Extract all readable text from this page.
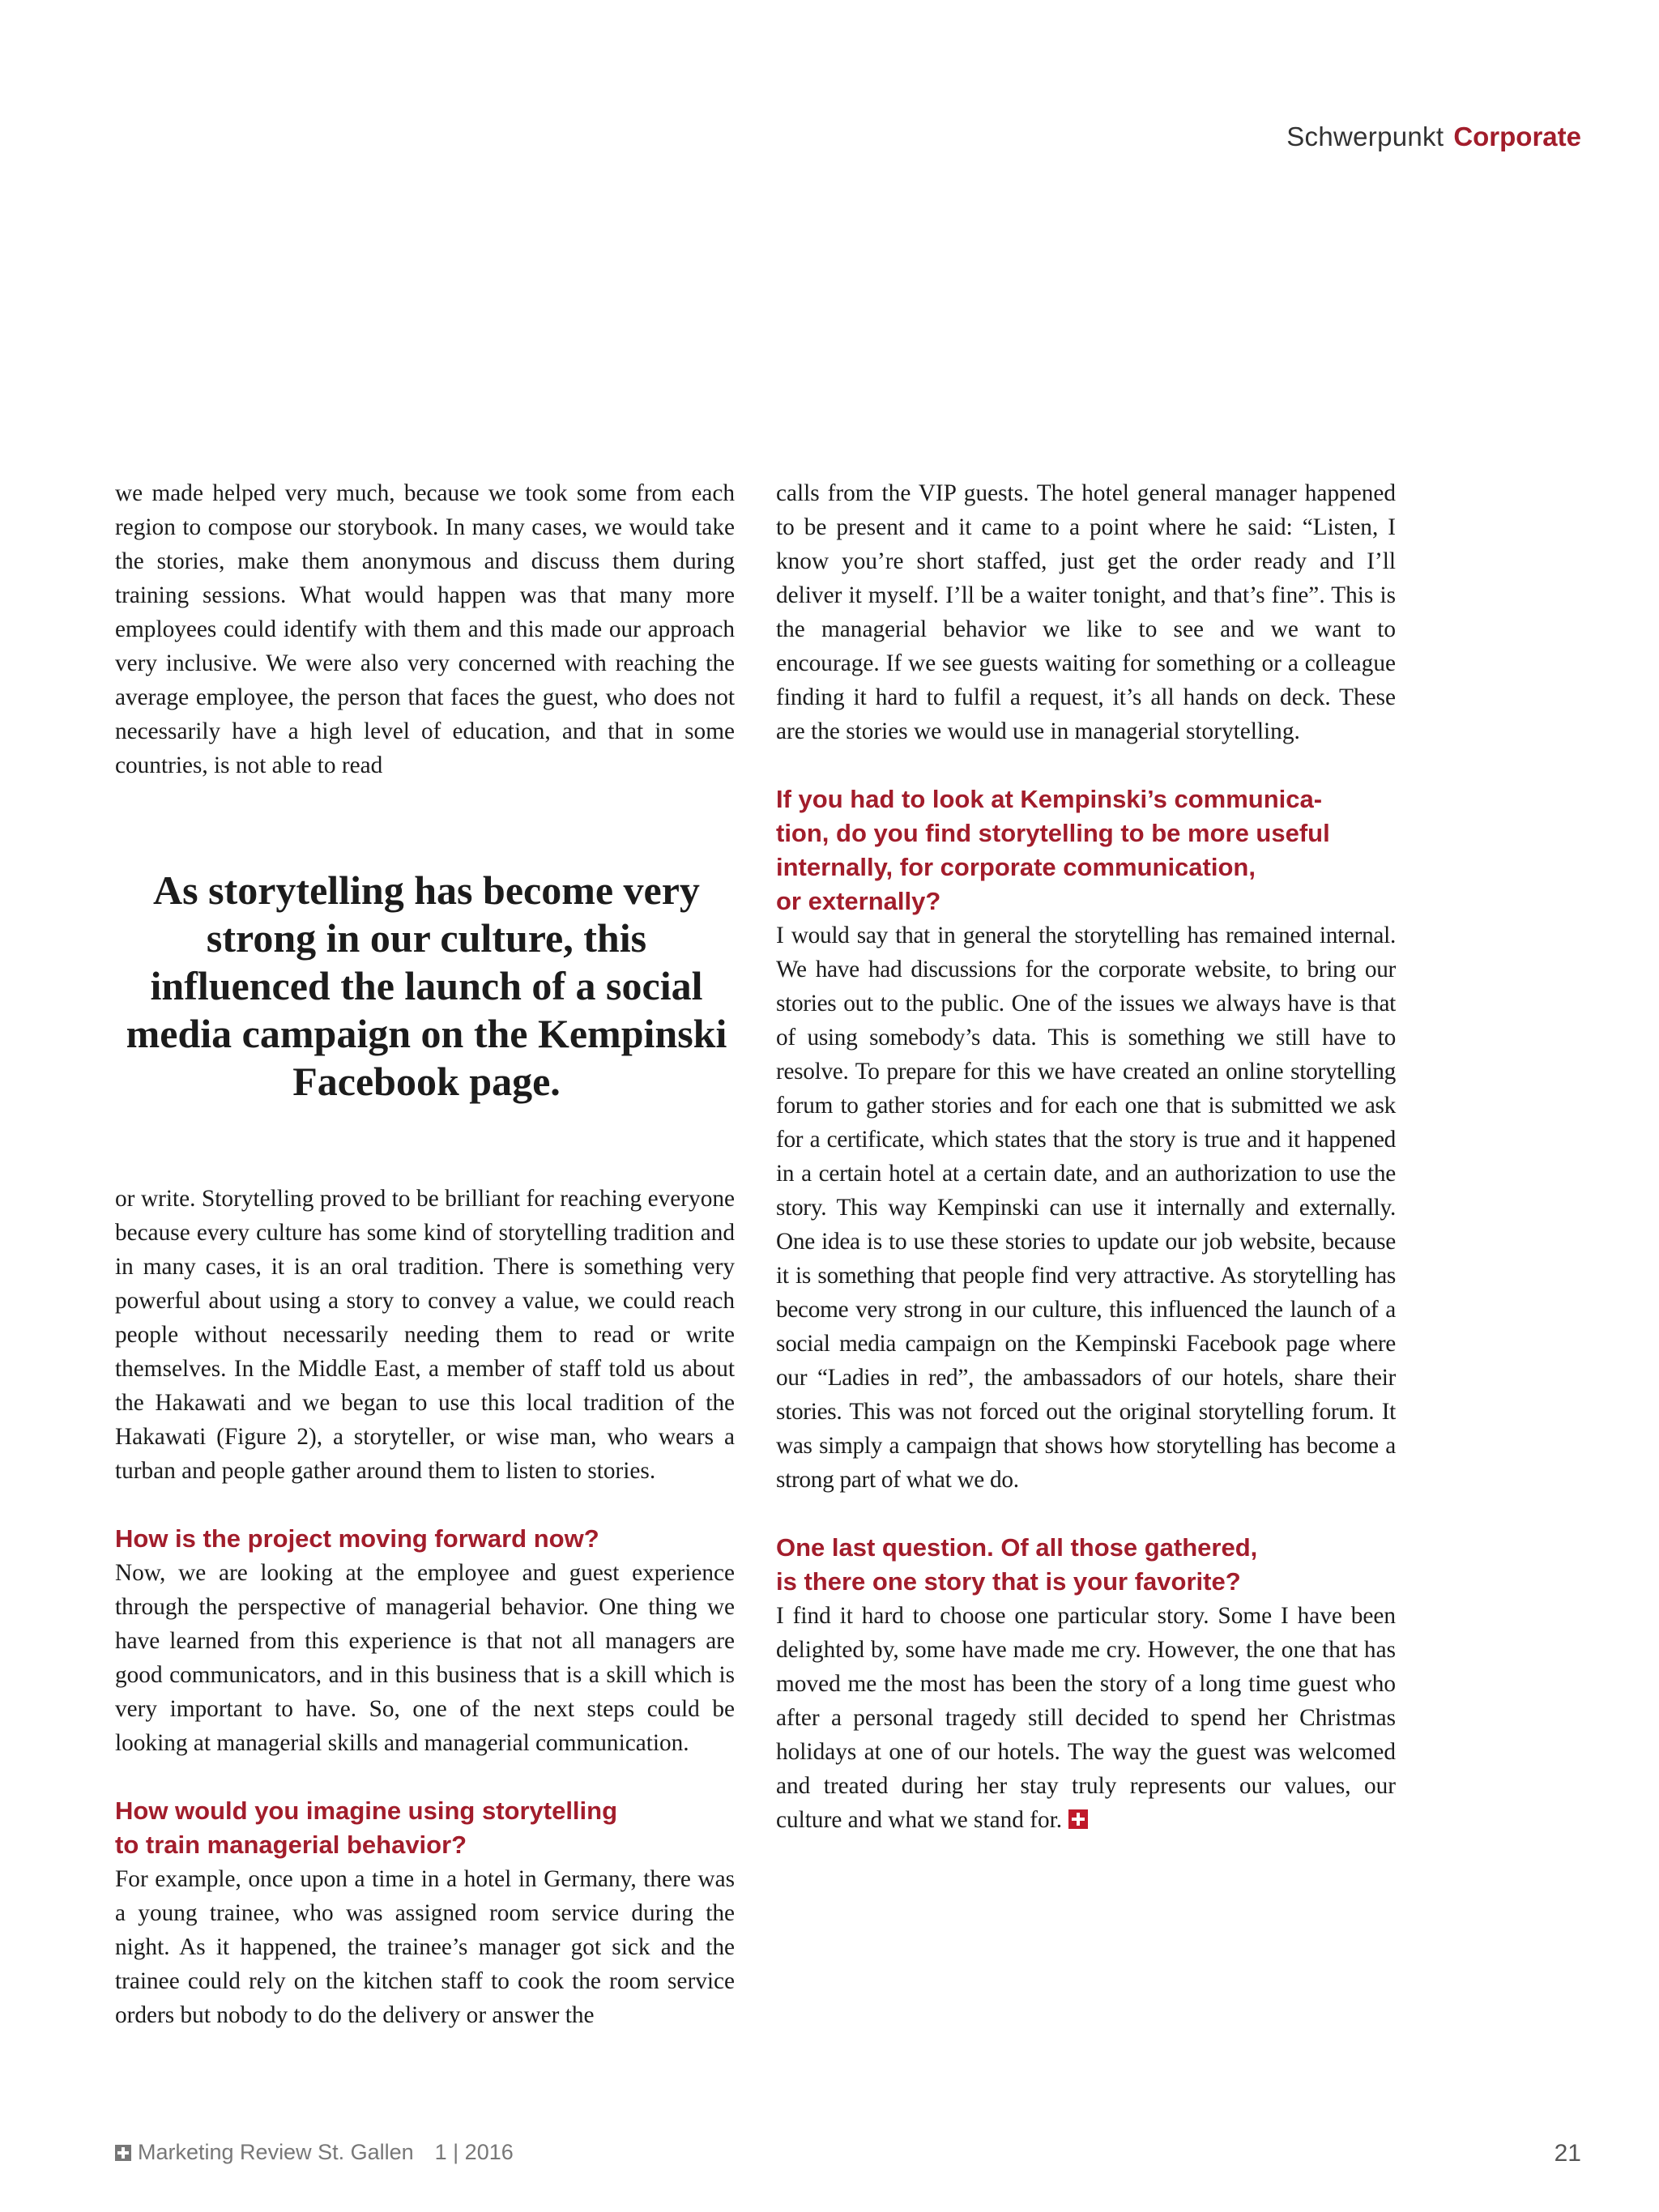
Schwerpunkt Corporate

we made helped very much, because we took some from each region to compose our storybook. In many cases, we would take the stories, make them anonymous and discuss them during training sessions. What would happen was that many more employees could identify with them and this made our approach very inclusive. We were also very concerned with reaching the average employee, the person that faces the guest, who does not necessarily have a high level of education, and that in some countries, is not able to read

As storytelling has become very strong in our culture, this influenced the launch of a social media campaign on the Kempinski Facebook page.

or write. Storytelling proved to be brilliant for reaching everyone because every culture has some kind of storytelling tradition and in many cases, it is an oral tradition. There is something very powerful about using a story to convey a value, we could reach people without necessarily needing them to read or write themselves. In the Middle East, a member of staff told us about the Hakawati and we began to use this local tradition of the Hakawati (Figure 2), a storyteller, or wise man, who wears a turban and people gather around them to listen to stories.

How is the project moving forward now?

Now, we are looking at the employee and guest experience through the perspective of managerial behavior. One thing we have learned from this experience is that not all managers are good communicators, and in this business that is a skill which is very important to have. So, one of the next steps could be looking at managerial skills and managerial communication.

How would you imagine using storytelling
to train managerial behavior?

For example, once upon a time in a hotel in Germany, there was a young trainee, who was assigned room service during the night. As it happened, the trainee’s manager got sick and the trainee could rely on the kitchen staff to cook the room service orders but nobody to do the delivery or answer the

calls from the VIP guests. The hotel general manager happened to be present and it came to a point where he said: “Listen, I know you’re short staffed, just get the order ready and I’ll deliver it myself. I’ll be a waiter tonight, and that’s fine”. This is the managerial behavior we like to see and we want to encourage. If we see guests waiting for something or a colleague finding it hard to fulfil a request, it’s all hands on deck. These are the stories we would use in managerial storytelling.

If you had to look at Kempinski’s communica-
tion, do you find storytelling to be more useful
internally, for corporate communication,
or externally?

I would say that in general the storytelling has remained internal. We have had discussions for the corporate website, to bring our stories out to the public. One of the issues we always have is that of using somebody’s data. This is something we still have to resolve. To prepare for this we have created an online storytelling forum to gather stories and for each one that is submitted we ask for a certificate, which states that the story is true and it happened in a certain hotel at a certain date, and an authorization to use the story. This way Kempinski can use it internally and externally. One idea is to use these stories to update our job website, because it is something that people find very attractive. As storytelling has become very strong in our culture, this influenced the launch of a social media campaign on the Kempinski Facebook page where our “Ladies in red”, the ambassadors of our hotels, share their stories. This was not forced out the original storytelling forum. It was simply a campaign that shows how storytelling has become a strong part of what we do.

One last question. Of all those gathered,
is there one story that is your favorite?

I find it hard to choose one particular story. Some I have been delighted by, some have made me cry. However, the one that has moved me the most has been the story of a long time guest who after a personal tragedy still decided to spend her Christmas holidays at one of our hotels. The way the guest was welcomed and treated during her stay truly represents our values, our culture and what we stand for.

Marketing Review St. Gallen 1 | 2016	21
